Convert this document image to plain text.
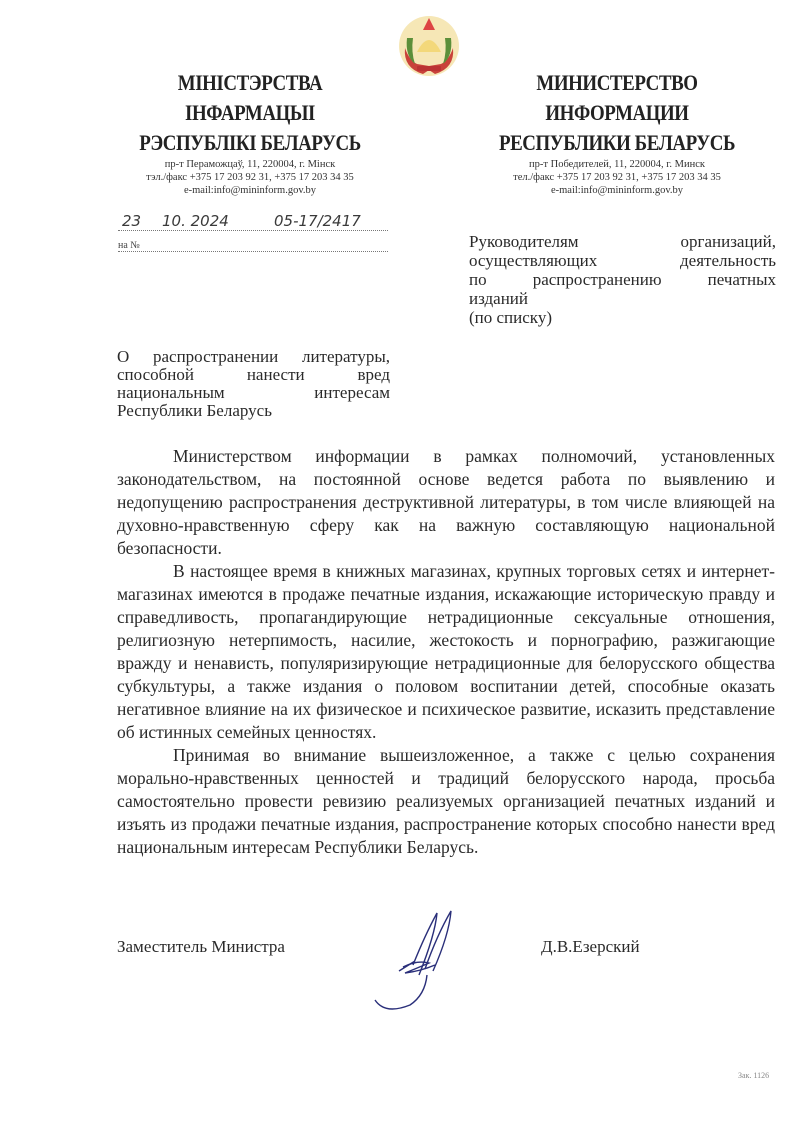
МІНІСТЭРСТВА ІНФАРМАЦЫІ
РЭСПУБЛІКІ БЕЛАРУСЬ
пр-т Пераможцаў, 11, 220004, г. Мінск
тэл./факс +375 17 203 92 31, +375 17 203 34 35
e-mail:info@mininform.gov.by
МИНИСТЕРСТВО ИНФОРМАЦИИ
РЕСПУБЛИКИ БЕЛАРУСЬ
пр-т Победителей, 11, 220004, г. Минск
тел./факс +375 17 203 92 31, +375 17 203 34 35
e-mail:info@mininform.gov.by
23 10. 2024	05-17/2417
на №	Руководителям организаций,
осуществляющих деятельность
по распространению печатных
изданий
(по списку)
О распространении литературы,
способной нанести вред
национальным интересам
Республики Беларусь

Министерством информации в рамках полномочий, установленных законодательством, на постоянной основе ведется работа по выявлению и недопущению распространения деструктивной литературы, в том числе влияющей на духовно-нравственную сферу как на важную составляющую национальной безопасности.

В настоящее время в книжных магазинах, крупных торговых сетях и интернет-магазинах имеются в продаже печатные издания, искажающие историческую правду и справедливость, пропагандирующие нетрадиционные сексуальные отношения, религиозную нетерпимость, насилие, жестокость и порнографию, разжигающие вражду и ненависть, популяризирующие нетрадиционные для белорусского общества субкультуры, а также издания о половом воспитании детей, способные оказать негативное влияние на их физическое и психическое развитие, исказить представление об истинных семейных ценностях.

Принимая во внимание вышеизложенное, а также с целью сохранения морально-нравственных ценностей и традиций белорусского народа, просьба самостоятельно провести ревизию реализуемых организацией печатных изданий и изъять из продажи печатные издания, распространение которых способно нанести вред национальным интересам Республики Беларусь.

Заместитель Министра	Д.В.Езерский
Зак. 1126
